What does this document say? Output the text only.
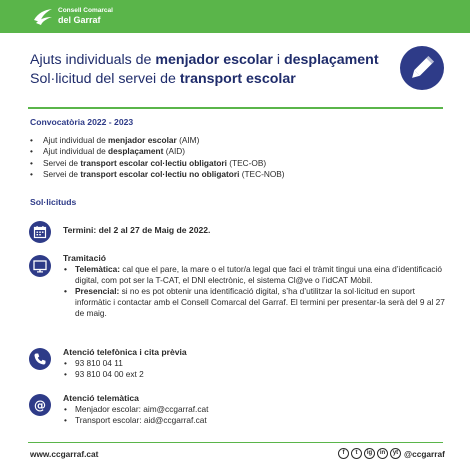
Consell Comarcal
del Garraf
Ajuts individuals de menjador escolar i desplaçament
Sol·licitud del servei de transport escolar
Convocatòria 2022 - 2023
• Ajut individual de menjador escolar (AIM)
• Ajut individual de desplaçament (AID)
• Servei de transport escolar col·lectiu obligatori (TEC-OB)
• Servei de transport escolar col·lectiu no obligatori (TEC-NOB)
Sol·licituds
Termini: del 2 al 27 de Maig de 2022.
Tramitació
• Telemàtica: cal que el pare, la mare o el tutor/a legal que faci el tràmit tingui una eina d’identificació digital, com pot ser la T-CAT, el DNI electrònic, el sistema Cl@ve o l’idCAT Mòbil.
• Presencial: si no es pot obtenir una identificació digital, s’ha d’utilitzar la sol·licitud en suport informàtic i contactar amb el Consell Comarcal del Garraf. El termini per presentar-la serà del 9 al 27 de maig.
Atenció telefònica i cita prèvia
• 93 810 04 11
• 93 810 04 00 ext 2
@
Atenció telemàtica
• Menjador escolar: aim@ccgarraf.cat
• Transport escolar: aid@ccgarraf.cat
www.ccgarraf.cat	f	t	ig	in	yt @ccgarraf
